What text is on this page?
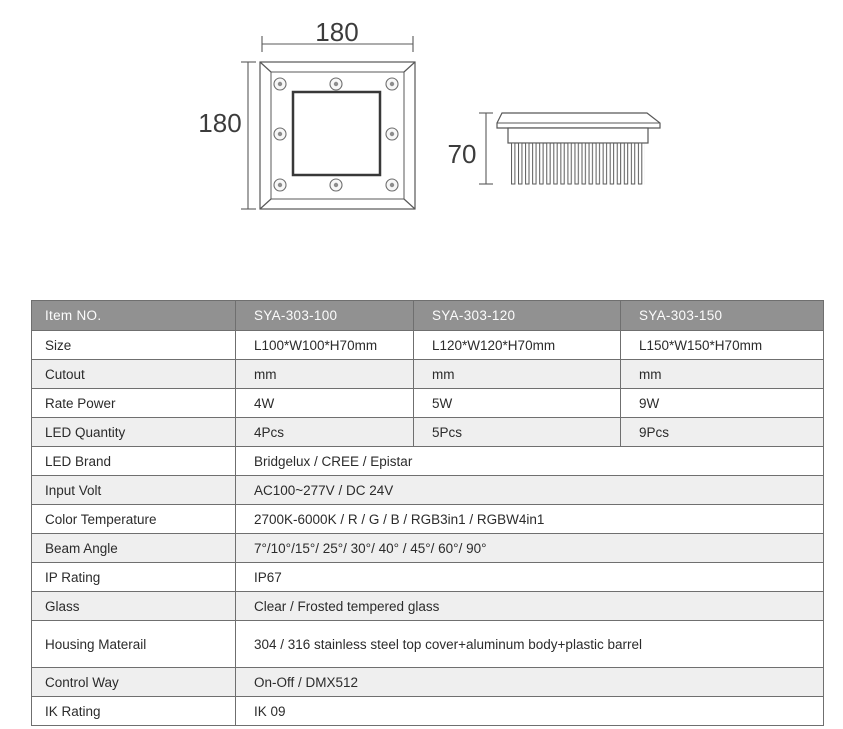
180
180
70
Item NO.	SYA-303-100	SYA-303-120	SYA-303-150
Size	L100*W100*H70mm	L120*W120*H70mm	L150*W150*H70mm
Cutout	mm	mm	mm
Rate Power	4W	5W	9W
LED Quantity	4Pcs	5Pcs	9Pcs
LED Brand	Bridgelux / CREE / Epistar		
Input Volt	AC100~277V / DC 24V		
Color Temperature	2700K-6000K / R / G / B / RGB3in1 / RGBW4in1		
Beam Angle	7°/10°/15°/ 25°/ 30°/ 40° / 45°/ 60°/ 90°		
IP Rating	IP67		
Glass	Clear / Frosted tempered glass		
Housing Materail	304 / 316 stainless steel top cover+aluminum body+plastic barrel		
Control Way	On-Off / DMX512		
IK Rating	IK 09		
